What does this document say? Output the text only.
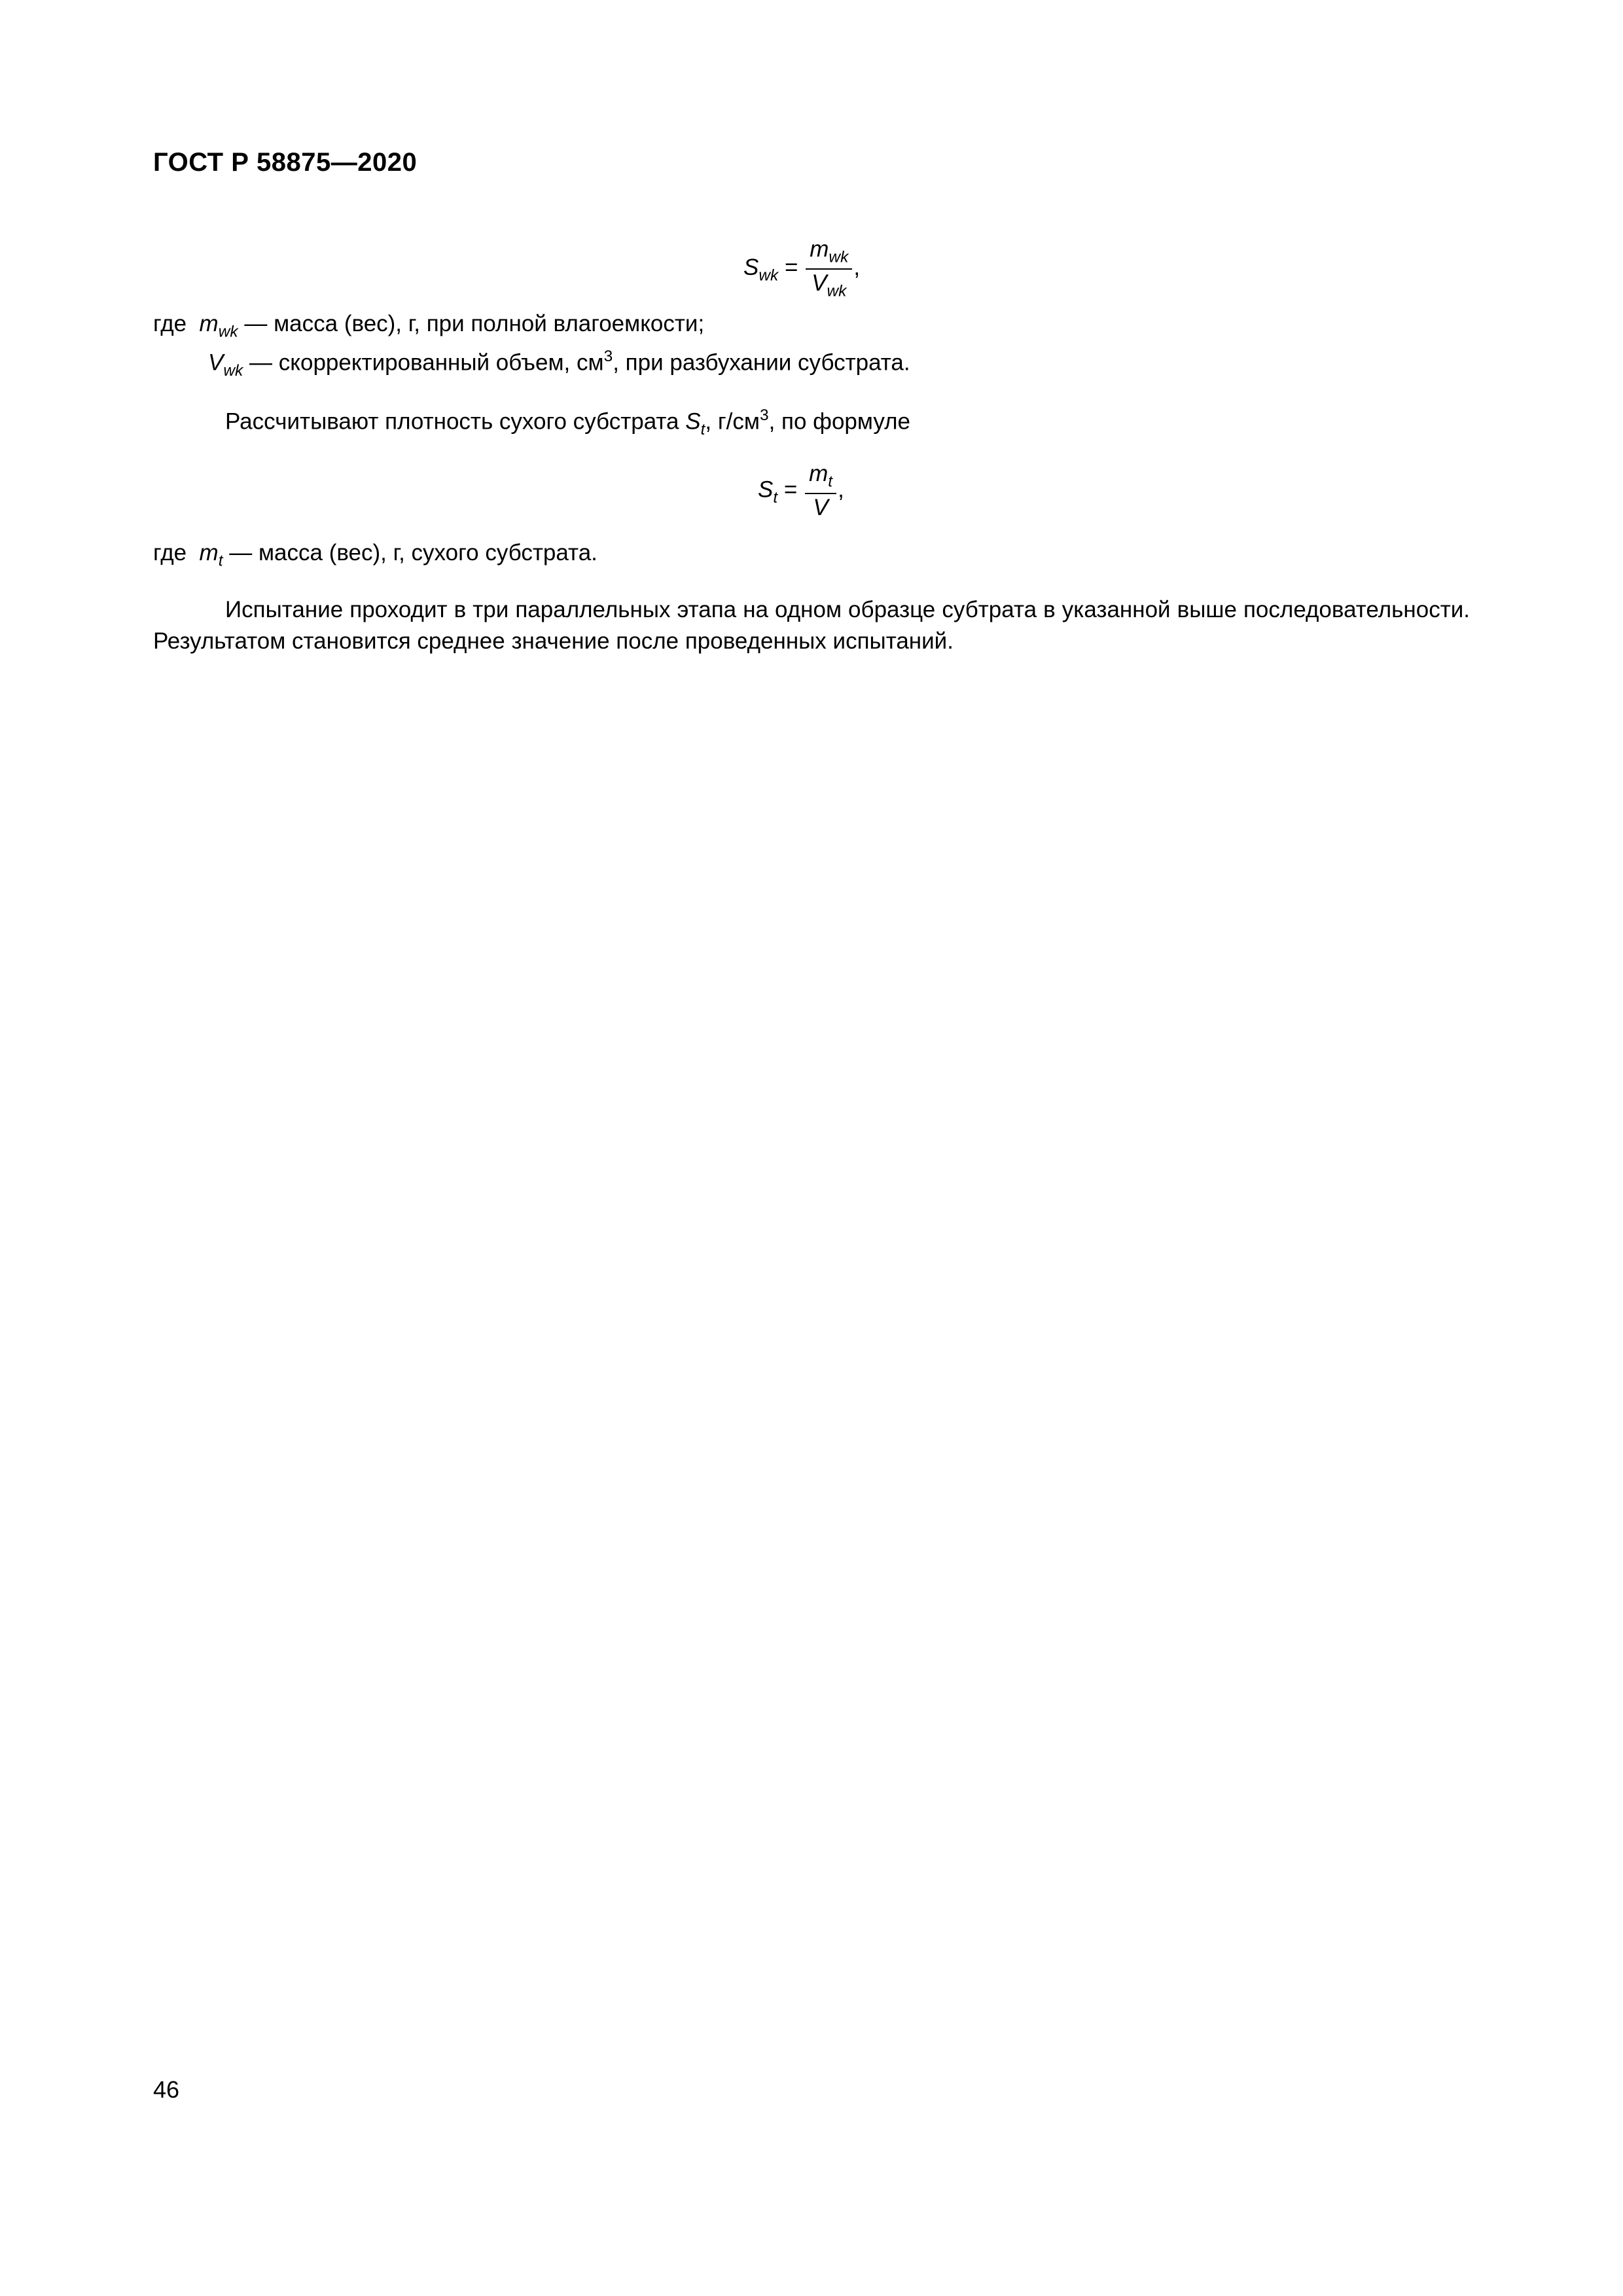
ГОСТ Р 58875—2020
$S_{wk} = \frac{m_{wk}}{V_{wk}}$ ,
где $m_{wk}$ — масса (вес), г, при полной влагоемкости;
$V_{wk}$ — скорректированный объем, $см^3$, при разбухании субстрата.
Рассчитывают плотность сухого субстрата $S_t$, $г/см^3$, по формуле
$S_t = \frac{m_t}{V}$ ,
где $m_t$ — масса (вес), г, сухого субстрата.
Испытание проходит в три параллельных этапа на одном образце субтрата в указанной выше последовательности. Результатом становится среднее значение после проведенных испытаний.
46
